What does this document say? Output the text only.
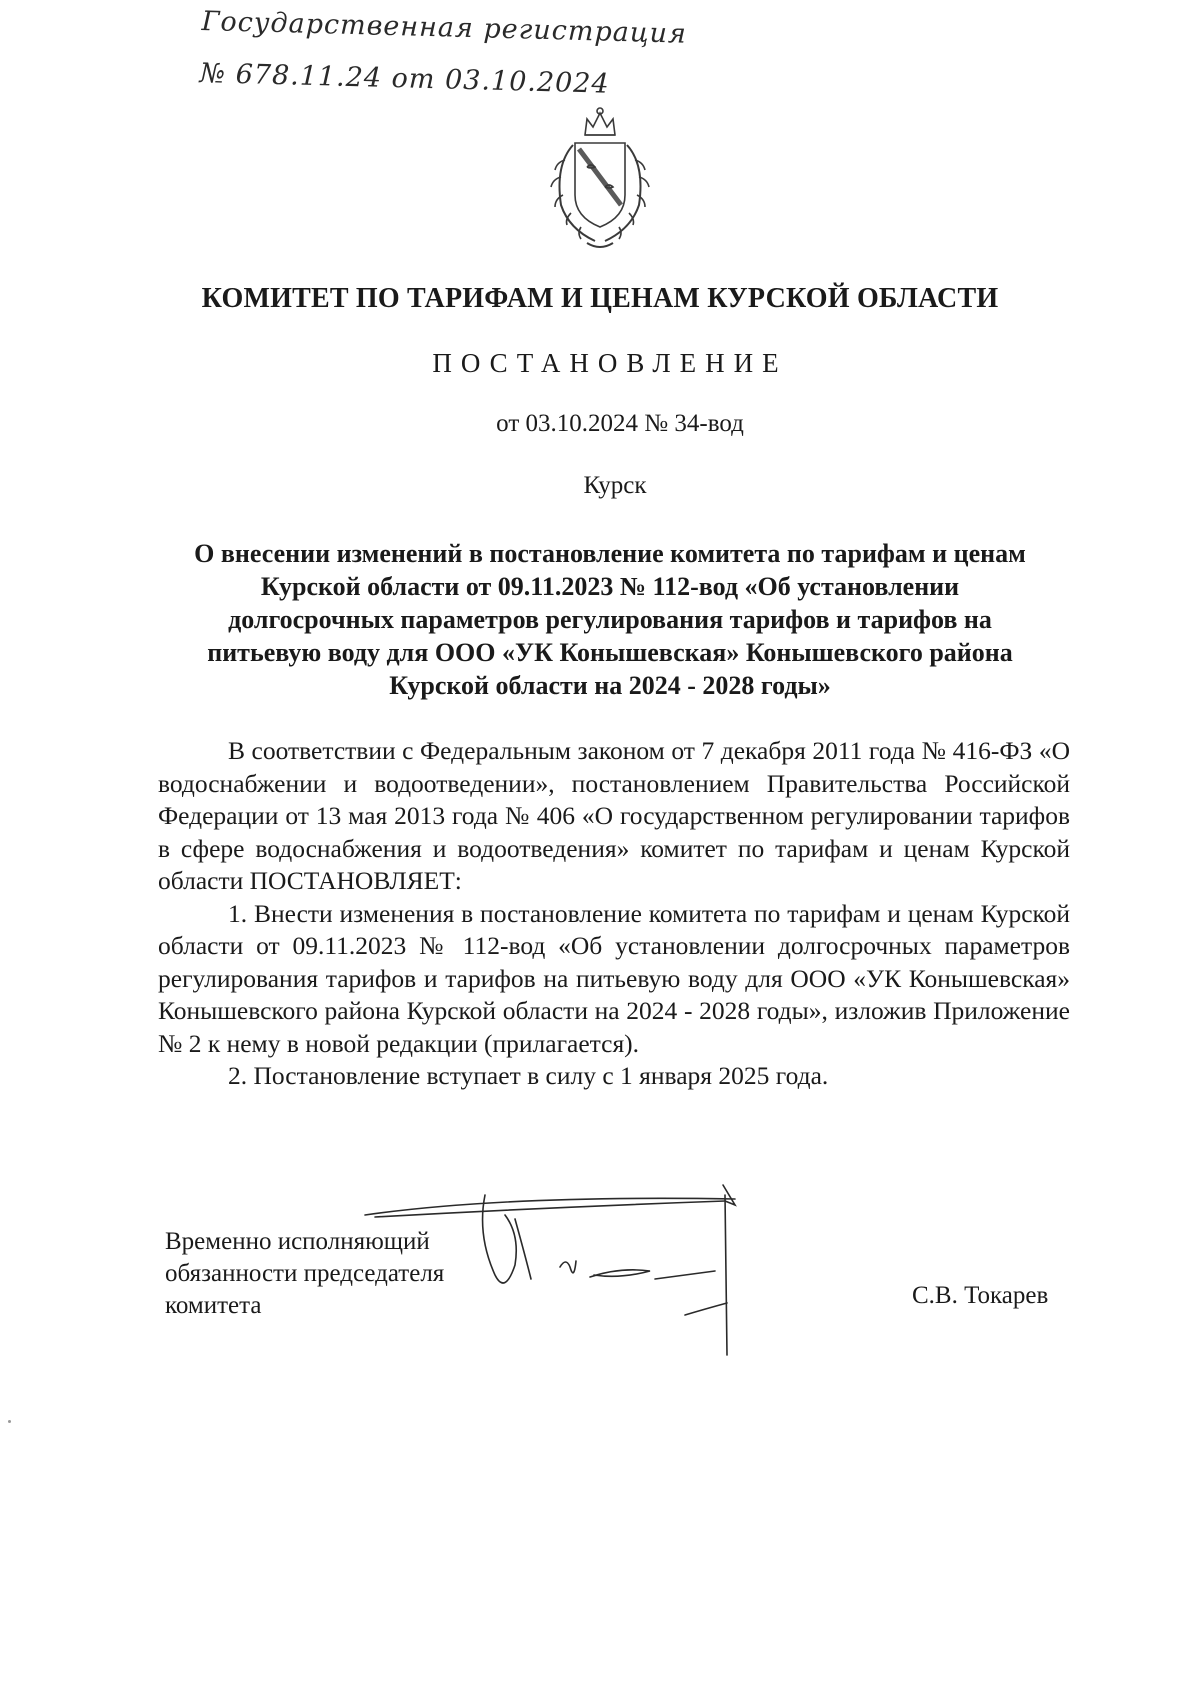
Государственная регистрация
№ 678.11.24 от 03.10.2024
КОМИТЕТ ПО ТАРИФАМ И ЦЕНАМ КУРСКОЙ ОБЛАСТИ
ПОСТАНОВЛЕНИЕ
от 03.10.2024 № 34-вод
Курск
О внесении изменений в постановление комитета по тарифам и ценам
Курской области от 09.11.2023 № 112-вод «Об установлении
долгосрочных параметров регулирования тарифов и тарифов на
питьевую воду для ООО «УК Конышевская» Конышевского района
Курской области на 2024 - 2028 годы»

В соответствии с Федеральным законом от 7 декабря 2011 года № 416-ФЗ «О водоснабжении и водоотведении», постановлением Правительства Российской Федерации от 13 мая 2013 года № 406 «О государственном регулировании тарифов в сфере водоснабжения и водоотведения» комитет по тарифам и ценам Курской области ПОСТАНОВЛЯЕТ:

1. Внести изменения в постановление комитета по тарифам и ценам Курской области от 09.11.2023 № 112-вод «Об установлении долгосрочных параметров регулирования тарифов и тарифов на питьевую воду для ООО «УК Конышевская» Конышевского района Курской области на 2024 - 2028 годы», изложив Приложение № 2 к нему в новой редакции (прилагается).

2. Постановление вступает в силу с 1 января 2025 года.

Временно исполняющий
обязанности председателя
комитета	С.В. Токарев
